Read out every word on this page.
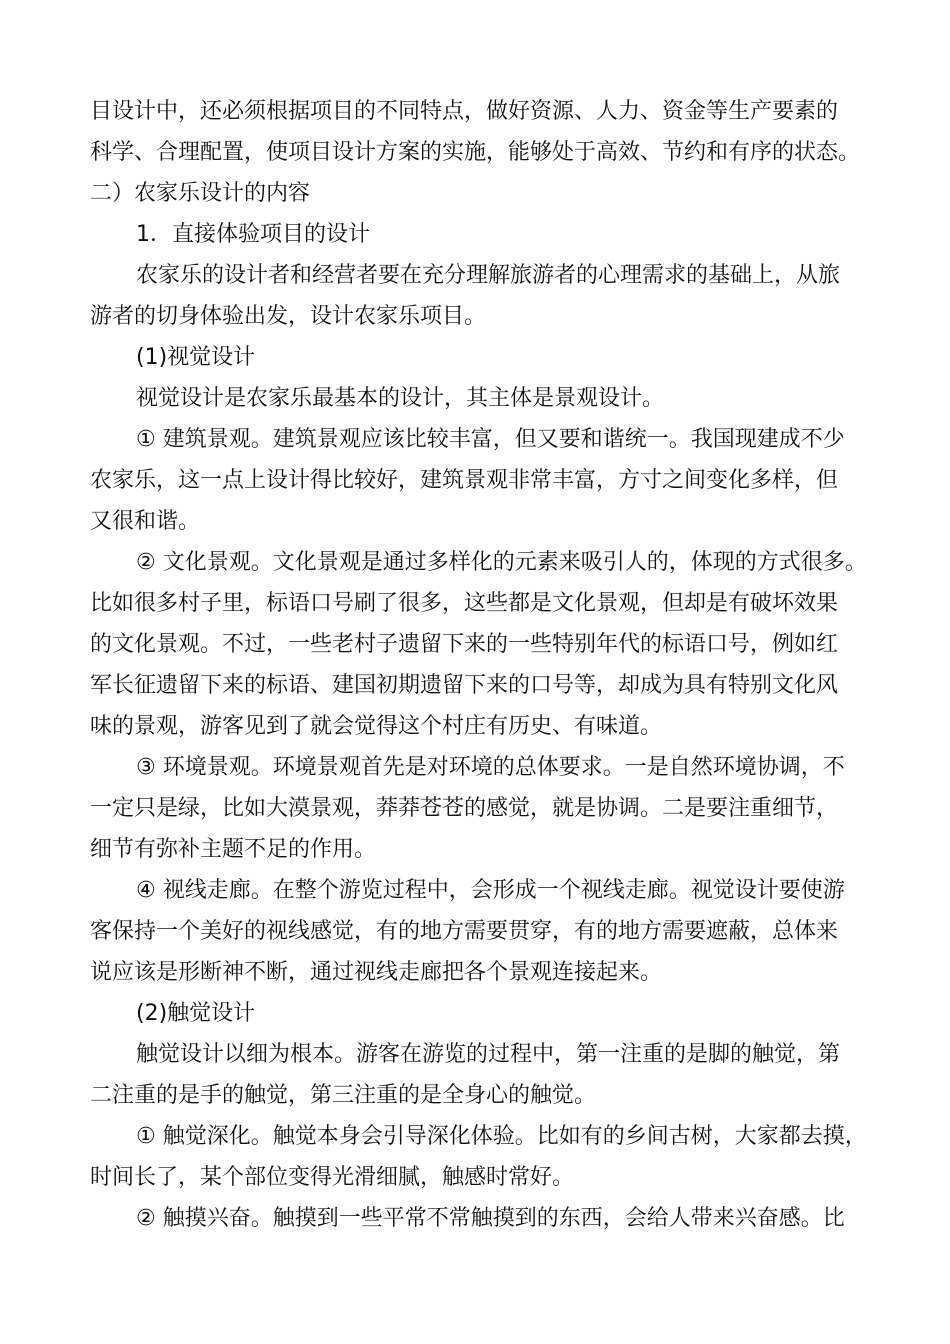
目设计中，还必须根据项目的不同特点，做好资源、人力、资金等生产要素的
科学、合理配置，使项目设计方案的实施，能够处于高效、节约和有序的状态。
二）农家乐设计的内容
1．直接体验项目的设计
农家乐的设计者和经营者要在充分理解旅游者的心理需求的基础上，从旅
游者的切身体验出发，设计农家乐项目。
(1)视觉设计
视觉设计是农家乐最基本的设计，其主体是景观设计。
① 建筑景观。建筑景观应该比较丰富，但又要和谐统一。我国现建成不少
农家乐，这一点上设计得比较好，建筑景观非常丰富，方寸之间变化多样，但
又很和谐。
② 文化景观。文化景观是通过多样化的元素来吸引人的，体现的方式很多。
比如很多村子里，标语口号刷了很多，这些都是文化景观，但却是有破坏效果
的文化景观。不过，一些老村子遗留下来的一些特别年代的标语口号，例如红
军长征遗留下来的标语、建国初期遗留下来的口号等，却成为具有特别文化风
味的景观，游客见到了就会觉得这个村庄有历史、有味道。
③ 环境景观。环境景观首先是对环境的总体要求。一是自然环境协调，不
一定只是绿，比如大漠景观，莽莽苍苍的感觉，就是协调。二是要注重细节，
细节有弥补主题不足的作用。
④ 视线走廊。在整个游览过程中，会形成一个视线走廊。视觉设计要使游
客保持一个美好的视线感觉，有的地方需要贯穿，有的地方需要遮蔽，总体来
说应该是形断神不断，通过视线走廊把各个景观连接起来。
(2)触觉设计
触觉设计以细为根本。游客在游览的过程中，第一注重的是脚的触觉，第
二注重的是手的触觉，第三注重的是全身心的触觉。
① 触觉深化。触觉本身会引导深化体验。比如有的乡间古树，大家都去摸，
时间长了，某个部位变得光滑细腻，触感时常好。
② 触摸兴奋。触摸到一些平常不常触摸到的东西，会给人带来兴奋感。比
